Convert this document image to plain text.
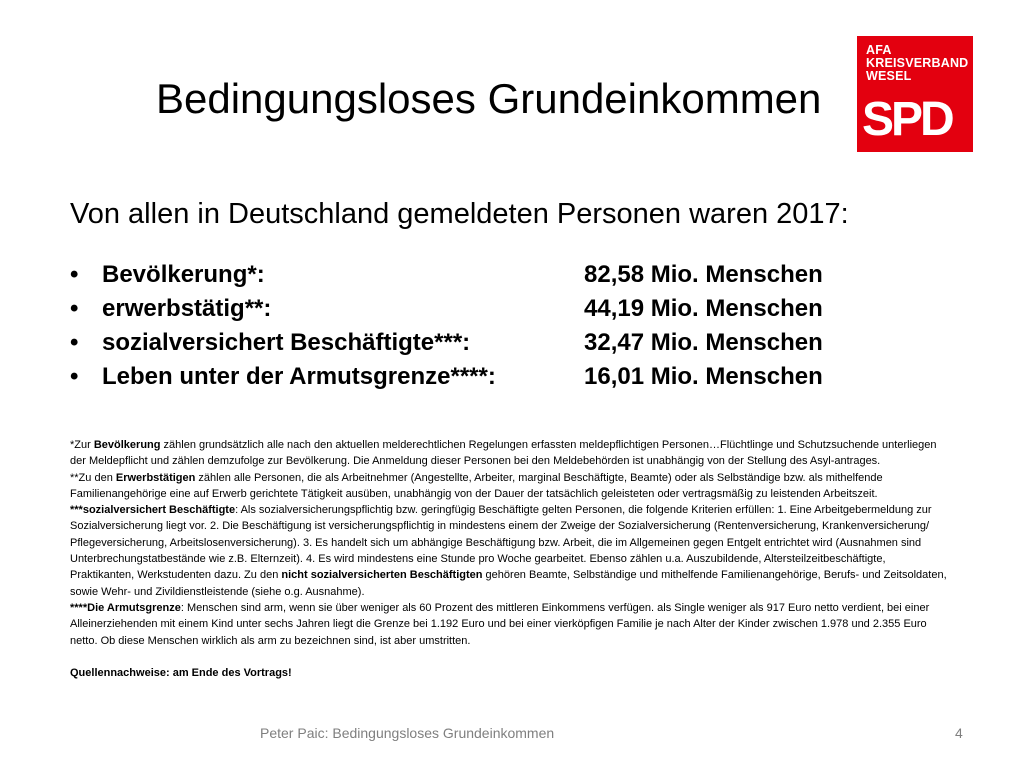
Bedingungsloses Grundeinkommen
AFA
KREISVERBAND
WESEL
SPD
Von allen in Deutschland gemeldeten Personen waren 2017:
• Bevölkerung*:	82,58 Mio. Menschen
• erwerbstätig**:	44,19 Mio. Menschen
• sozialversichert Beschäftigte***:	32,47 Mio. Menschen
• Leben unter der Armutsgrenze****:	16,01 Mio. Menschen

*Zur Bevölkerung zählen grundsätzlich alle nach den aktuellen melderechtlichen Regelungen erfassten meldepflichtigen Personen…Flüchtlinge und Schutzsuchende unterliegen der Meldepflicht und zählen demzufolge zur Bevölkerung. Die Anmeldung dieser Personen bei den Meldebehörden ist unabhängig von der Stellung des Asyl-antrages.

**Zu den Erwerbstätigen zählen alle Personen, die als Arbeitnehmer (Angestellte, Arbeiter, marginal Beschäftigte, Beamte) oder als Selbständige bzw. als mithelfende Familienangehörige eine auf Erwerb gerichtete Tätigkeit ausüben, unabhängig von der Dauer der tatsächlich geleisteten oder vertragsmäßig zu leistenden Arbeitszeit.

***sozialversichert Beschäftigte: Als sozialversicherungspflichtig bzw. geringfügig Beschäftigte gelten Personen, die folgende Kriterien erfüllen: 1. Eine Arbeitgebermeldung zur Sozialversicherung liegt vor. 2. Die Beschäftigung ist versicherungspflichtig in mindestens einem der Zweige der Sozialversicherung (Rentenversicherung, Krankenversicherung/ Pflegeversicherung, Arbeitslosenversicherung). 3. Es handelt sich um abhängige Beschäftigung bzw. Arbeit, die im Allgemeinen gegen Entgelt entrichtet wird (Ausnahmen sind Unterbrechungstatbestände wie z.B. Elternzeit). 4. Es wird mindestens eine Stunde pro Woche gearbeitet. Ebenso zählen u.a. Auszubildende, Altersteilzeitbeschäftigte, Praktikanten, Werkstudenten dazu. Zu den nicht sozialversicherten Beschäftigten gehören Beamte, Selbständige und mithelfende Familienangehörige, Berufs- und Zeitsoldaten, sowie Wehr- und Zivildienstleistende (siehe o.g. Ausnahme).

****Die Armutsgrenze: Menschen sind arm, wenn sie über weniger als 60 Prozent des mittleren Einkommens verfügen. als Single weniger als 917 Euro netto verdient, bei einer Alleinerziehenden mit einem Kind unter sechs Jahren liegt die Grenze bei 1.192 Euro und bei einer vierköpfigen Familie je nach Alter der Kinder zwischen 1.978 und 2.355 Euro netto. Ob diese Menschen wirklich als arm zu bezeichnen sind, ist aber umstritten.

Quellennachweise: am Ende des Vortrags!

Peter Paic: Bedingungsloses Grundeinkommen	4
